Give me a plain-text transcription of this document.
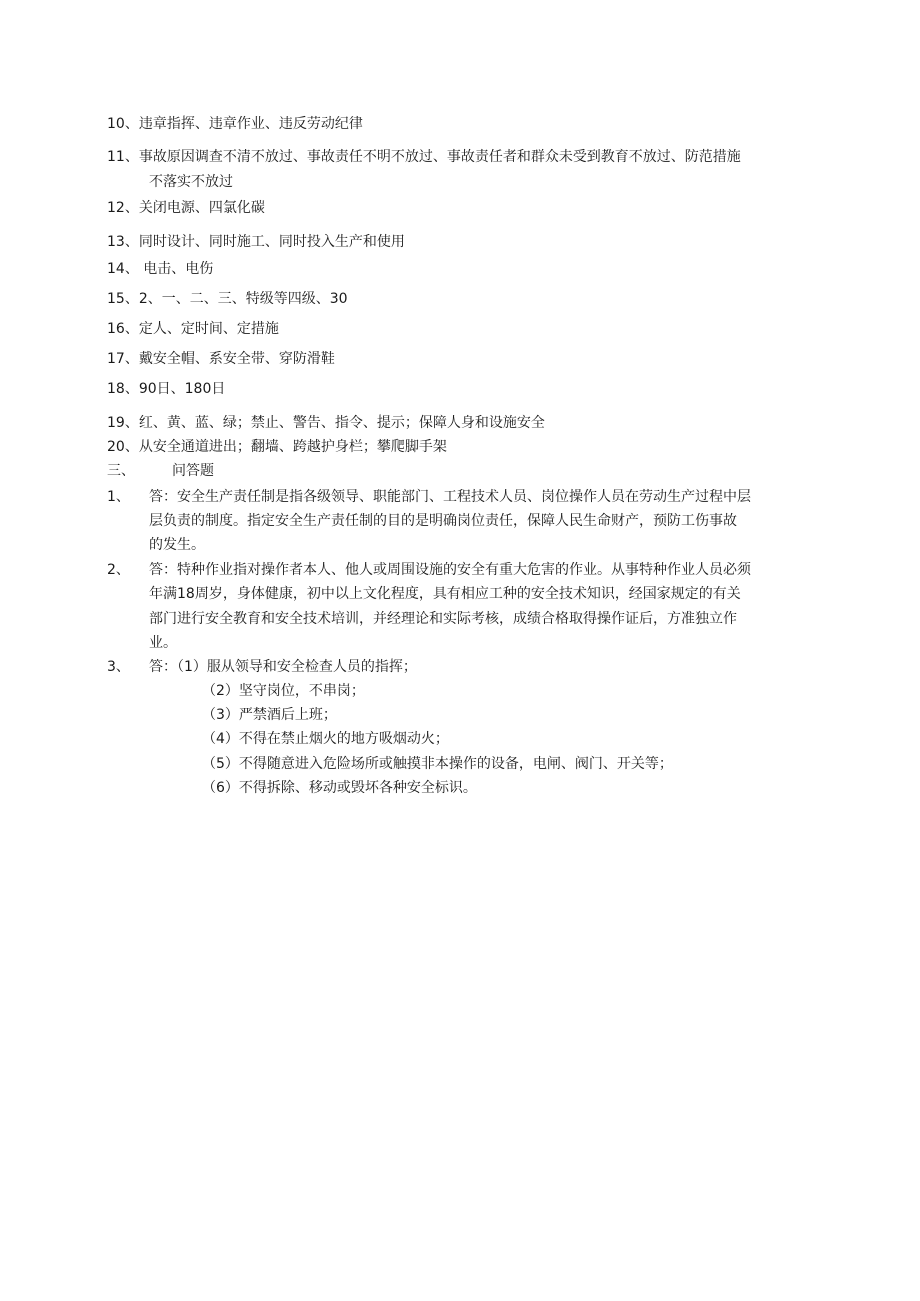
10、违章指挥、违章作业、违反劳动纪律
11、事故原因调查不清不放过、事故责任不明不放过、事故责任者和群众未受到教育不放过、防范措施
不落实不放过
12、关闭电源、四氯化碳
13、同时设计、同时施工、同时投入生产和使用
14、 电击、电伤
15、2、一、二、三、特级等四级、30
16、定人、定时间、定措施
17、戴安全帽、系安全带、穿防滑鞋
18、90日、180日
19、红、黄、蓝、绿；禁止、警告、指令、提示；保障人身和设施安全
20、从安全通道进出；翻墙、跨越护身栏；攀爬脚手架
三、	问答题
1、 答：安全生产责任制是指各级领导、职能部门、工程技术人员、岗位操作人员在劳动生产过程中层
层负责的制度。指定安全生产责任制的目的是明确岗位责任，保障人民生命财产，预防工伤事故
的发生。
2、 答：特种作业指对操作者本人、他人或周围设施的安全有重大危害的作业。从事特种作业人员必须
年满18周岁，身体健康，初中以上文化程度，具有相应工种的安全技术知识，经国家规定的有关
部门进行安全教育和安全技术培训，并经理论和实际考核，成绩合格取得操作证后，方准独立作
业。
3、 答：（1）服从领导和安全检查人员的指挥；
（2）坚守岗位，不串岗；
（3）严禁酒后上班；
（4）不得在禁止烟火的地方吸烟动火；
（5）不得随意进入危险场所或触摸非本操作的设备，电闸、阀门、开关等；
（6）不得拆除、移动或毁坏各种安全标识。
